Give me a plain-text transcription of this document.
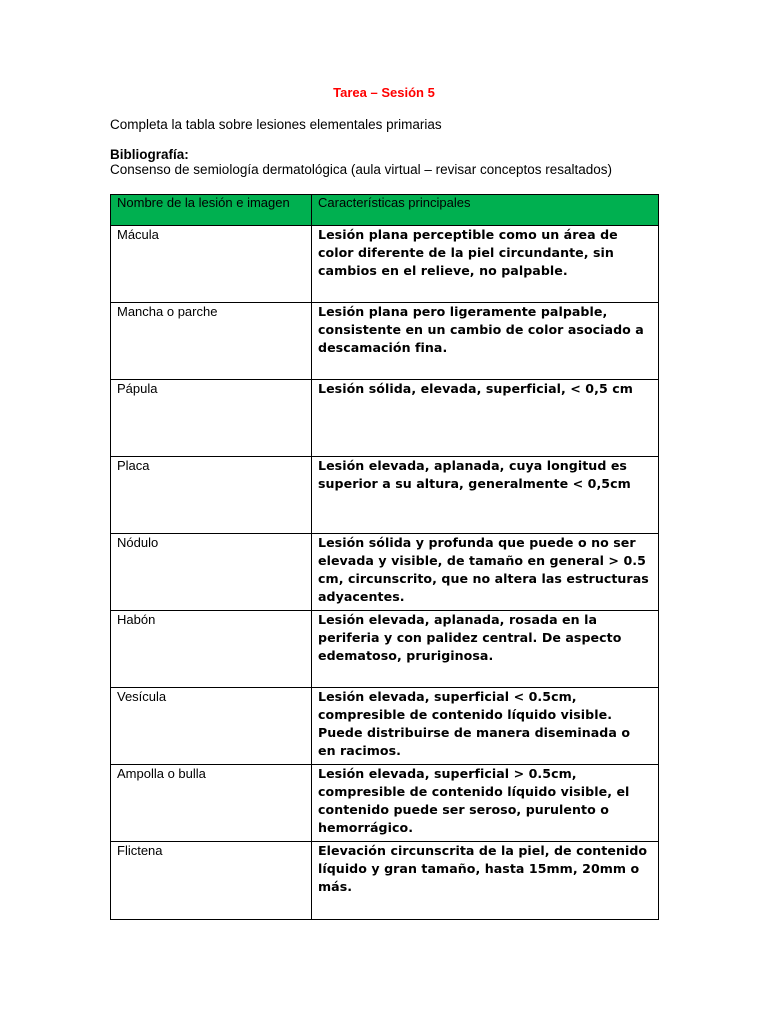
Tarea – Sesión 5
Completa la tabla sobre lesiones elementales primarias
Bibliografía:
Consenso de semiología dermatológica (aula virtual – revisar conceptos resaltados)
Nombre de la lesión e imagen	Características principales

Mácula	Lesión plana perceptible como un área de color diferente de la piel circundante, sin cambios en el relieve, no palpable.

Mancha o parche	Lesión plana pero ligeramente palpable, consistente en un cambio de color asociado a descamación fina.

Pápula	Lesión sólida, elevada, superficial, < 0,5 cm

Placa	Lesión elevada, aplanada, cuya longitud es superior a su altura, generalmente < 0,5cm

Nódulo	Lesión sólida y profunda que puede o no ser elevada y visible, de tamaño en general > 0.5 cm, circunscrito, que no altera las estructuras adyacentes.

Habón	Lesión elevada, aplanada, rosada en la periferia y con palidez central. De aspecto edematoso, pruriginosa.

Vesícula	Lesión elevada, superficial < 0.5cm, compresible de contenido líquido visible. Puede distribuirse de manera diseminada o en racimos.

Ampolla o bulla	Lesión elevada, superficial > 0.5cm, compresible de contenido líquido visible, el contenido puede ser seroso, purulento o hemorrágico.

Flictena	Elevación circunscrita de la piel, de contenido líquido y gran tamaño, hasta 15mm, 20mm o más.
